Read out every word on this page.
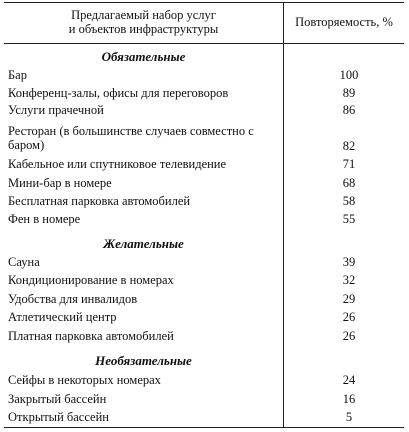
Предлагаемый набор услуг
и объектов инфраструктуры	Повторяемость, %
Обязательные
Бар	100
Конференц-залы, офисы для переговоров	89
Услуги прачечной	86
Ресторан (в большинстве случаев совместно с баром)	82
Кабельное или спутниковое телевидение	71
Мини-бар в номере	68
Бесплатная парковка автомобилей	58
Фен в номере	55
Желательные
Сауна	39
Кондиционирование в номерах	32
Удобства для инвалидов	29
Атлетический центр	26
Платная парковка автомобилей	26
Необязательные
Сейфы в некоторых номерах	24
Закрытый бассейн	16
Открытый бассейн	5
